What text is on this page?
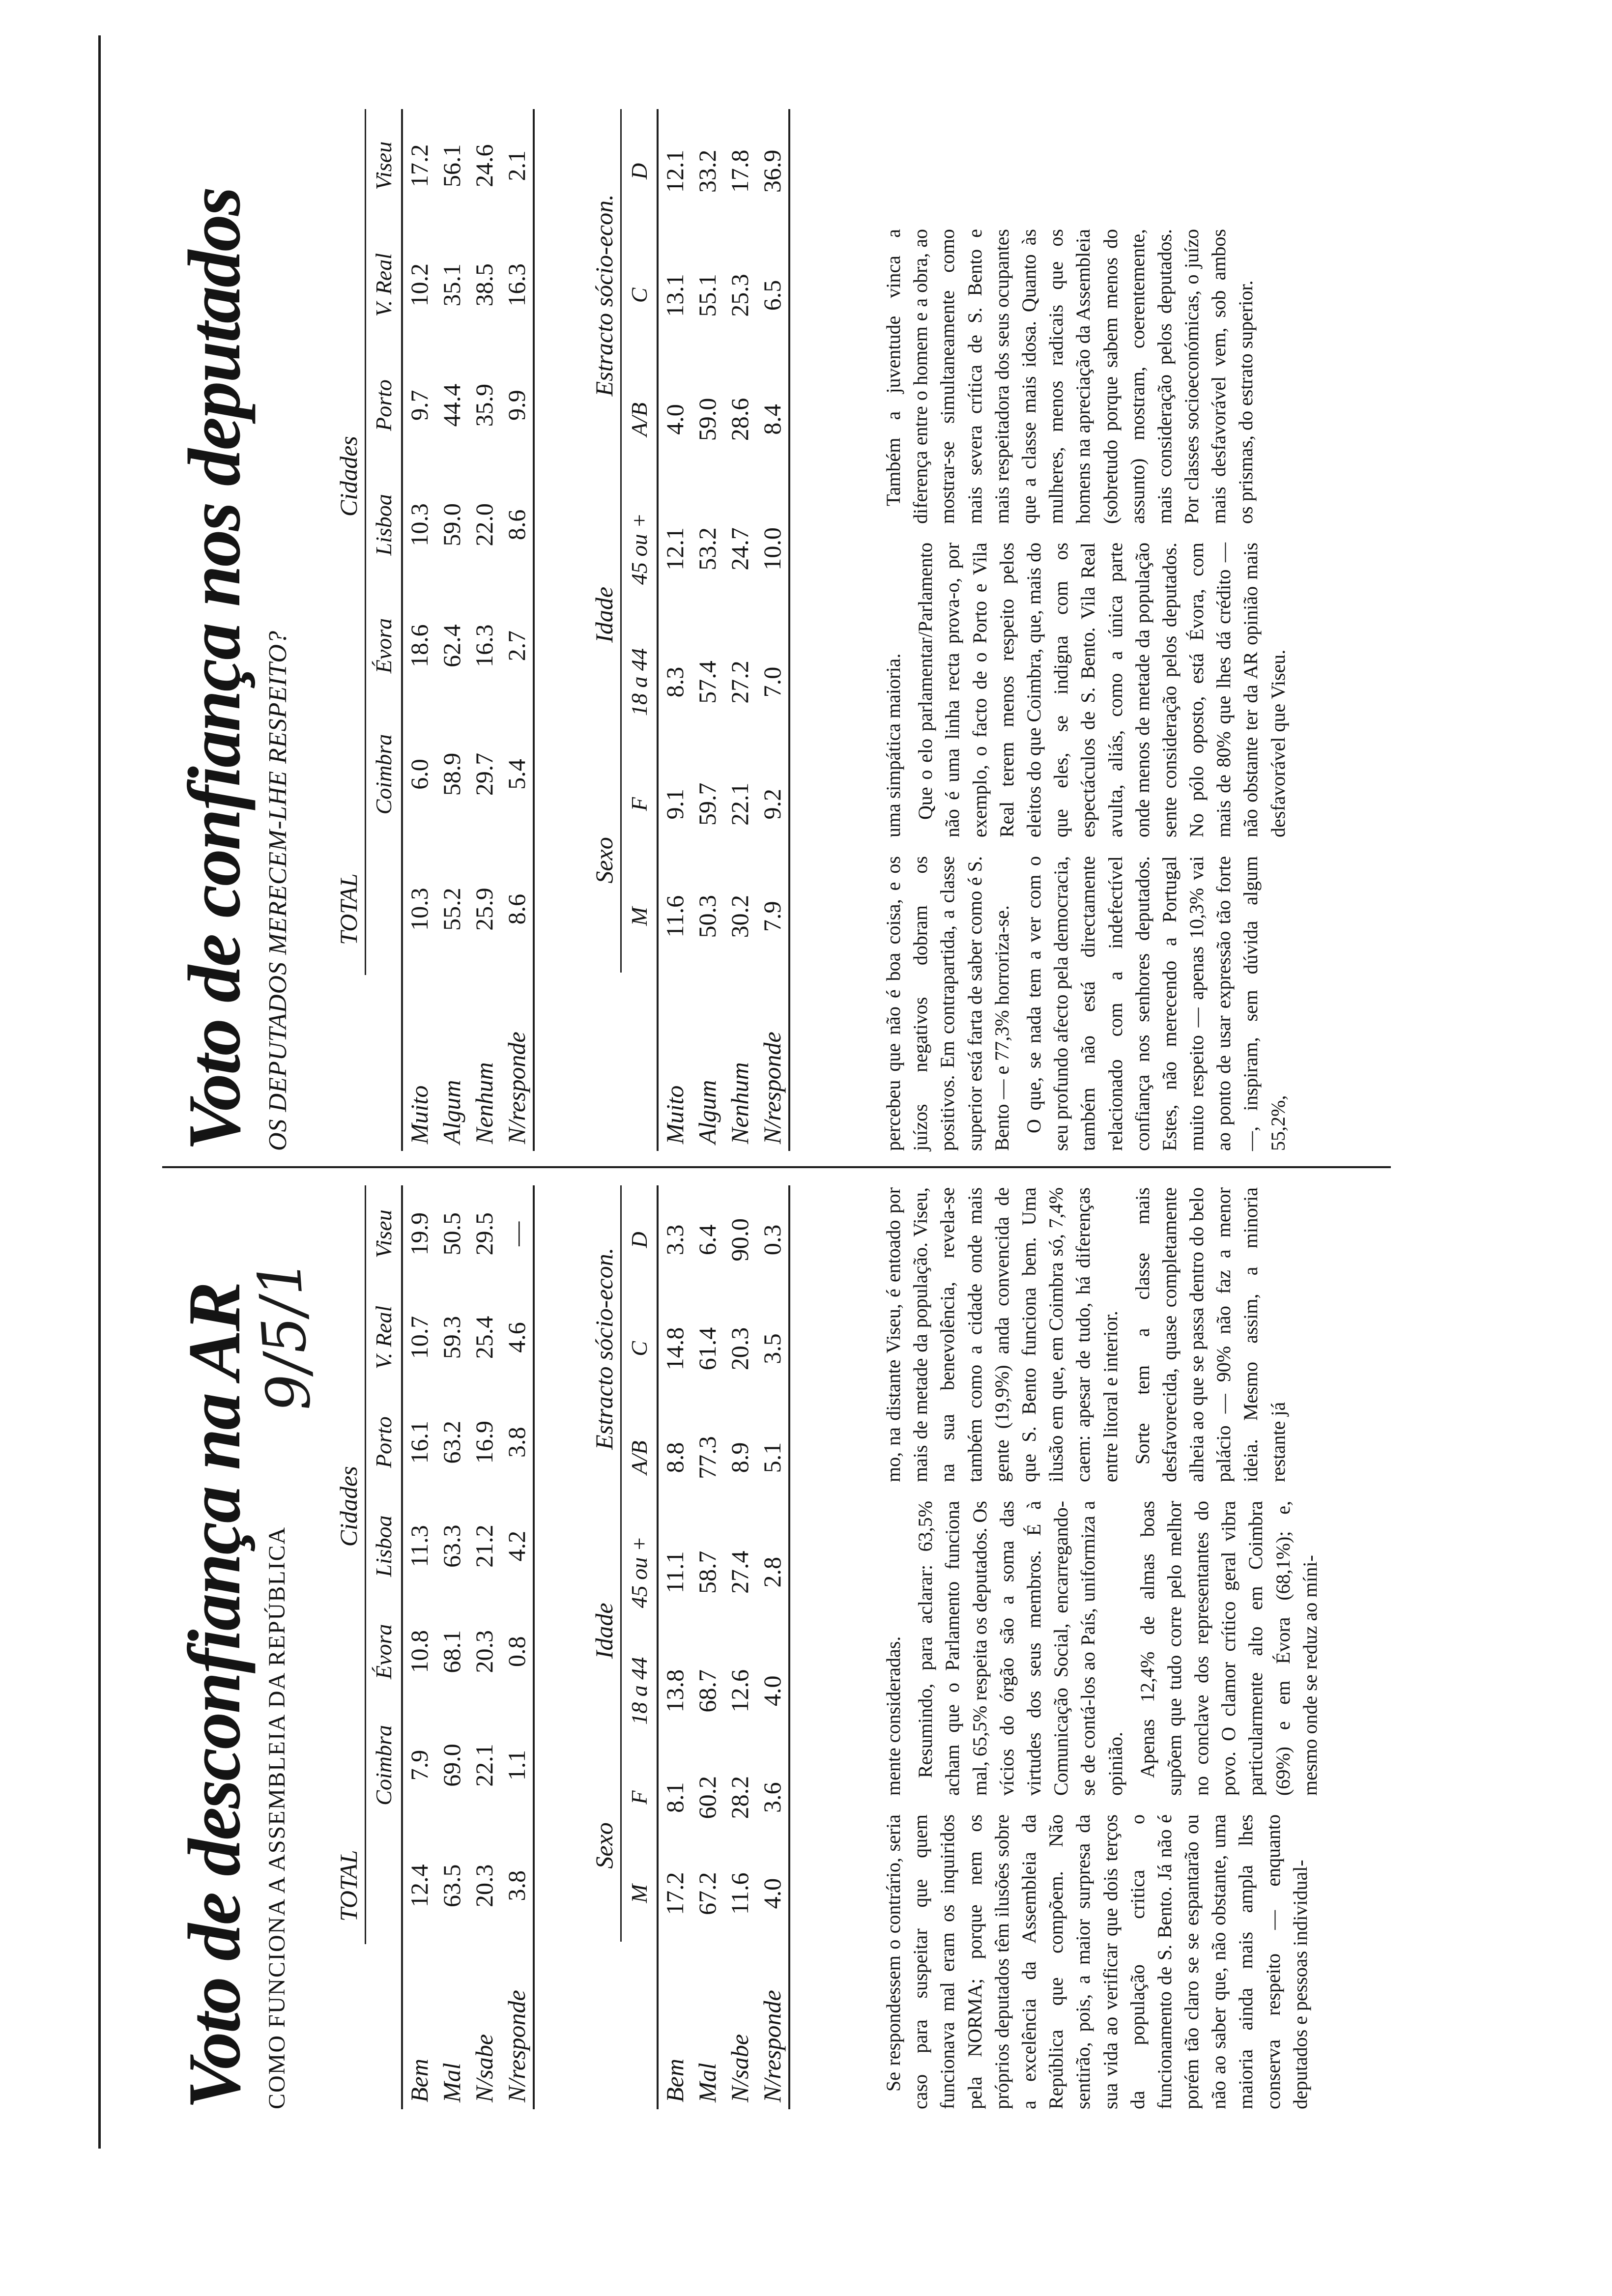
Voto de desconfiança na AR
9/5/1
COMO FUNCIONA A ASSEMBLEIA DA REPÚBLICA
	TOTAL	Cidades					
		Coimbra	Évora	Lisboa	Porto	V. Real	Viseu
Bem	12.4	7.9	10.8	11.3	16.1	10.7	19.9
Mal	63.5	69.0	68.1	63.3	63.2	59.3	50.5
N/sabe	20.3	22.1	20.3	21.2	16.9	25.4	29.5
N/responde	3.8	1.1	0.8	4.2	3.8	4.6	—
	Sexo		Idade		Estracto sócio-econ.		
	M	F	18 a 44	45 ou +	A/B	C	D
Bem	17.2	8.1	13.8	11.1	8.8	14.8	3.3
Mal	67.2	60.2	68.7	58.7	77.3	61.4	6.4
N/sabe	11.6	28.2	12.6	27.4	8.9	20.3	90.0
N/responde	4.0	3.6	4.0	2.8	5.1	3.5	0.3

Se respondessem o contrário, seria caso para suspeitar que quem funcionava mal eram os inquiridos pela NORMA; porque nem os próprios deputados têm ilusões sobre a excelência da Assembleia da República que compõem. Não sentirão, pois, a maior surpresa da sua vida ao verificar que dois terços da população critica o funcionamento de S. Bento. Já não é porém tão claro se se espantarão ou não ao saber que, não obstante, uma maioria ainda mais ampla lhes conserva respeito — enquanto deputados e pessoas individual-

mente consideradas. Resumindo, para aclarar: 63,5% acham que o Parlamento funciona mal, 65,5% respeita os deputados. Os vícios do órgão são a soma das virtudes dos seus membros. É à Comunicação Social, encarregando-se de contá-los ao País, uniformiza a opinião. Apenas 12,4% de almas boas supõem que tudo corre pelo melhor no conclave dos representantes do povo. O clamor crítico geral vibra particularmente alto em Coimbra (69%) e em Évora (68,1%); e, mesmo onde se reduz ao míni-

mo, na distante Viseu, é entoado por mais de metade da população. Viseu, na sua benevolência, revela-se também como a cidade onde mais gente (19,9%) anda convencida de que S. Bento funciona bem. Uma ilusão em que, em Coimbra só, 7,4% caem: apesar de tudo, há diferenças entre litoral e interior. Sorte tem a classe mais desfavorecida, quase completamente alheia ao que se passa dentro do belo palácio — 90% não faz a menor ideia. Mesmo assim, a minoria restante já

Voto de confiança nos deputados OS DEPUTADOS MERECEM-LHE RESPEITO?
	TOTAL	Cidades					
		Coimbra	Évora	Lisboa	Porto	V. Real	Viseu
Muito	10.3	6.0	18.6	10.3	9.7	10.2	17.2
Algum	55.2	58.9	62.4	59.0	44.4	35.1	56.1
Nenhum	25.9	29.7	16.3	22.0	35.9	38.5	24.6
N/responde	8.6	5.4	2.7	8.6	9.9	16.3	2.1
	Sexo		Idade		Estracto sócio-econ.		
	M	F	18 a 44	45 ou +	A/B	C	D
Muito	11.6	9.1	8.3	12.1	4.0	13.1	12.1
Algum	50.3	59.7	57.4	53.2	59.0	55.1	33.2
Nenhum	30.2	22.1	27.2	24.7	28.6	25.3	17.8
N/responde	7.9	9.2	7.0	10.0	8.4	6.5	36.9

percebeu que não é boa coisa, e os juízos negativos dobram os positivos. Em contrapartida, a classe superior está farta de saber como é S. Bento — e 77,3% horroriza-se. O que, se nada tem a ver com o seu profundo afecto pela democracia, também não está directamente relacionado com a indefectível confiança nos senhores deputados. Estes, não merecendo a Portugal muito respeito — apenas 10,3% vai ao ponto de usar expressão tão forte —, inspiram, sem dúvida algum 55,2%,

uma simpática maioria. Que o elo parlamentar/Parlamento não é uma linha recta prova-o, por exemplo, o facto de o Porto e Vila Real terem menos respeito pelos eleitos do que Coimbra, que, mais do que eles, se indigna com os espectáculos de S. Bento. Vila Real avulta, aliás, como a única parte onde menos de metade da população sente consideração pelos deputados. No pólo oposto, está Évora, com mais de 80% que lhes dá crédito — não obstante ter da AR opinião mais desfavorável que Viseu.

Também a juventude vinca a diferença entre o homem e a obra, ao mostrar-se simultaneamente como mais severa crítica de S. Bento e mais respeitadora dos seus ocupantes que a classe mais idosa. Quanto às mulheres, menos radicais que os homens na apreciação da Assembleia (sobretudo porque sabem menos do assunto) mostram, coerentemente, mais consideração pelos deputados. Por classes socioeconómicas, o juízo mais desfavorável vem, sob ambos os prismas, do estrato superior.
